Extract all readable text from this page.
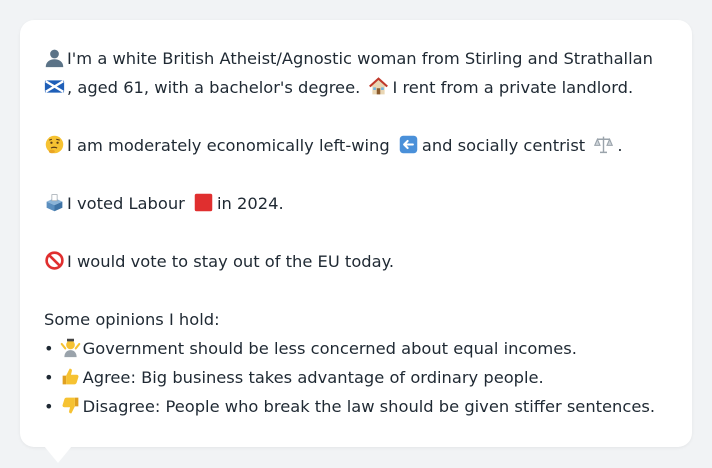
I'm a white British Atheist/Agnostic woman from Stirling and Strathallan

, aged 61, with a bachelor's degree. I rent from a private landlord.

I am moderately economically left-wing and socially centrist .

I voted Labour in 2024.

I would vote to stay out of the EU today.

Some opinions I hold:
• Government should be less concerned about equal incomes.
• Agree: Big business takes advantage of ordinary people.
• Disagree: People who break the law should be given stiffer sentences.
